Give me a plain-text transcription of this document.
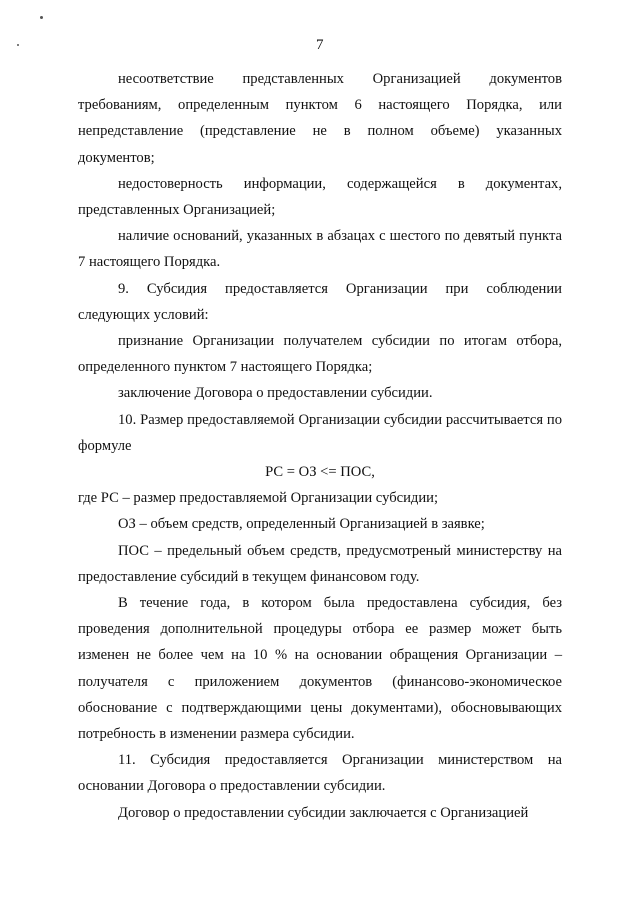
7

несоответствие представленных Организацией документов требованиям, определенным пунктом 6 настоящего Порядка, или непредставление (представление не в полном объеме) указанных документов;

недостоверность информации, содержащейся в документах, представленных Организацией;

наличие оснований, указанных в абзацах с шестого по девятый пункта 7 настоящего Порядка.

9. Субсидия предоставляется Организации при соблюдении следующих условий:

признание Организации получателем субсидии по итогам отбора, определенного пунктом 7 настоящего Порядка;

заключение Договора о предоставлении субсидии.

10. Размер предоставляемой Организации субсидии рассчитывается по формуле

РС = ОЗ <= ПОС,

где РС – размер предоставляемой Организации субсидии;

ОЗ – объем средств, определенный Организацией в заявке;

ПОС – предельный объем средств, предусмотреный министерству на предоставление субсидий в текущем финансовом году.

В течение года, в котором была предоставлена субсидия, без проведения дополнительной процедуры отбора ее размер может быть изменен не более чем на 10 % на основании обращения Организации – получателя с приложением документов (финансово-экономическое обоснование с подтверждающими цены документами), обосновывающих потребность в изменении размера субсидии.

11. Субсидия предоставляется Организации министерством на основании Договора о предоставлении субсидии.

Договор о предоставлении субсидии заключается с Организацией
